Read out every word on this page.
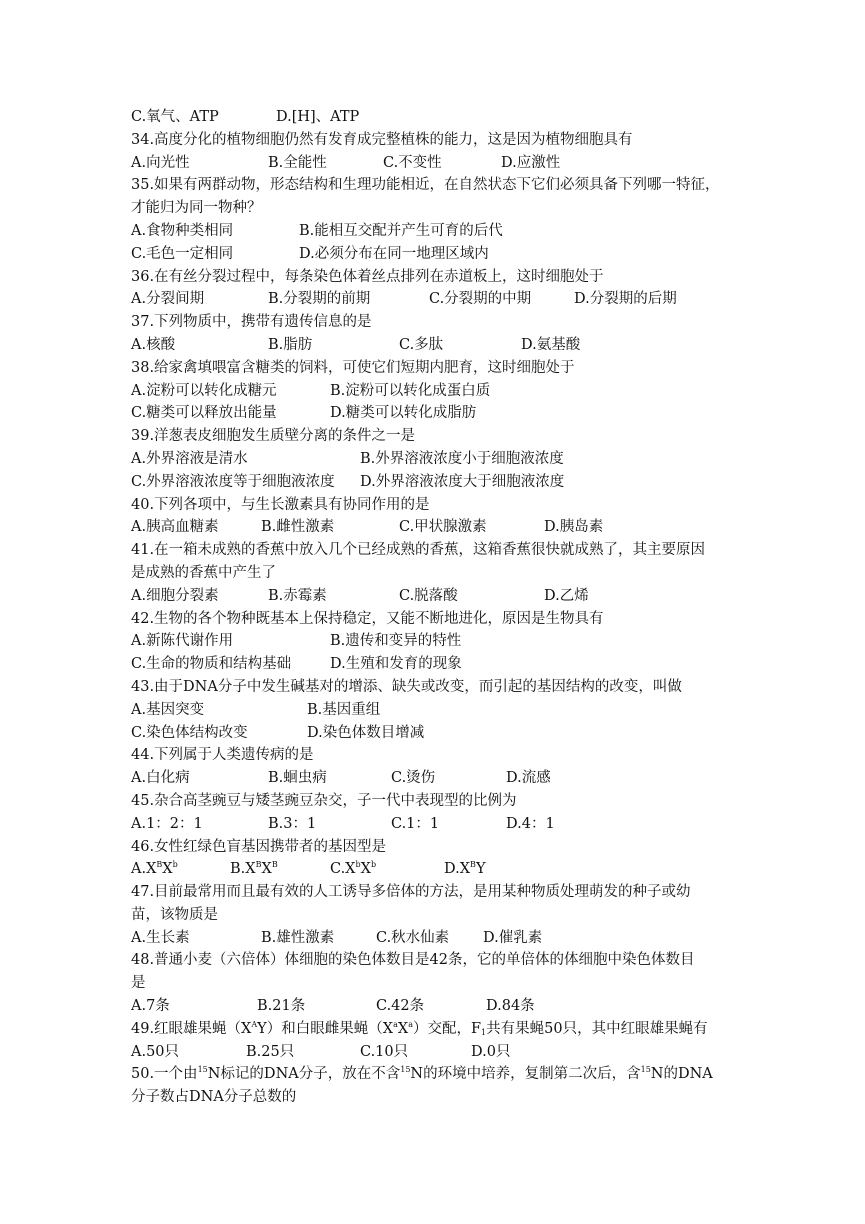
C.氧气、ATP	D.[H]、ATP
34.高度分化的植物细胞仍然有发育成完整植株的能力，这是因为植物细胞具有
A.向光性	B.全能性	C.不变性	D.应激性
35.如果有两群动物，形态结构和生理功能相近，在自然状态下它们必须具备下列哪一特征，
才能归为同一物种？
A.食物种类相同	B.能相互交配并产生可育的后代
C.毛色一定相同	D.必须分布在同一地理区域内
36.在有丝分裂过程中，每条染色体着丝点排列在赤道板上，这时细胞处于
A.分裂间期	B.分裂期的前期	C.分裂期的中期	D.分裂期的后期
37.下列物质中，携带有遗传信息的是
A.核酸	B.脂肪	C.多肽	D.氨基酸
38.给家禽填喂富含糖类的饲料，可使它们短期内肥育，这时细胞处于
A.淀粉可以转化成糖元	B.淀粉可以转化成蛋白质
C.糖类可以释放出能量	D.糖类可以转化成脂肪
39.洋葱表皮细胞发生质壁分离的条件之一是
A.外界溶液是清水	B.外界溶液浓度小于细胞液浓度
C.外界溶液浓度等于细胞液浓度 D.外界溶液浓度大于细胞液浓度
40.下列各项中，与生长激素具有协同作用的是
A.胰高血糖素	B.雌性激素	C.甲状腺激素	D.胰岛素
41.在一箱未成熟的香蕉中放入几个已经成熟的香蕉，这箱香蕉很快就成熟了，其主要原因
是成熟的香蕉中产生了
A.细胞分裂素	B.赤霉素	C.脱落酸	D.乙烯
42.生物的各个物种既基本上保持稳定，又能不断地进化，原因是生物具有
A.新陈代谢作用	B.遗传和变异的特性
C.生命的物质和结构基础	D.生殖和发育的现象
43.由于DNA分子中发生碱基对的增添、缺失或改变，而引起的基因结构的改变，叫做
A.基因突变	B.基因重组
C.染色体结构改变	D.染色体数目增减
44.下列属于人类遗传病的是
A.白化病	B.蛔虫病	C.烫伤	D.流感
45.杂合高茎豌豆与矮茎豌豆杂交，子一代中表现型的比例为
A.1：2：1	B.3：1	C.1：1	D.4：1
46.女性红绿色盲基因携带者的基因型是
$A.X^BX^b$	$B.X^BX^B$	$C.X^bX^b$	$D.X^BY$
47.目前最常用而且最有效的人工诱导多倍体的方法，是用某种物质处理萌发的种子或幼
苗，该物质是
A.生长素	B.雄性激素	C.秋水仙素 D.催乳素
48.普通小麦（六倍体）体细胞的染色体数目是42条，它的单倍体的体细胞中染色体数目
是
A.7条	B.21条	C.42条	D.84条
49.红眼雄果蝇$(X^AY)$和白眼雌果蝇$(X^aX^a)$交配，$F_1$共有果蝇50只，其中红眼雄果蝇有
A.50只	B.25只	C.10只	D.0只
50.一个由$^{15}$N标记的DNA分子，放在不含$^{15}$N的环境中培养，复制第二次后，含$^{15}$N的DNA
分子数占DNA分子总数的
